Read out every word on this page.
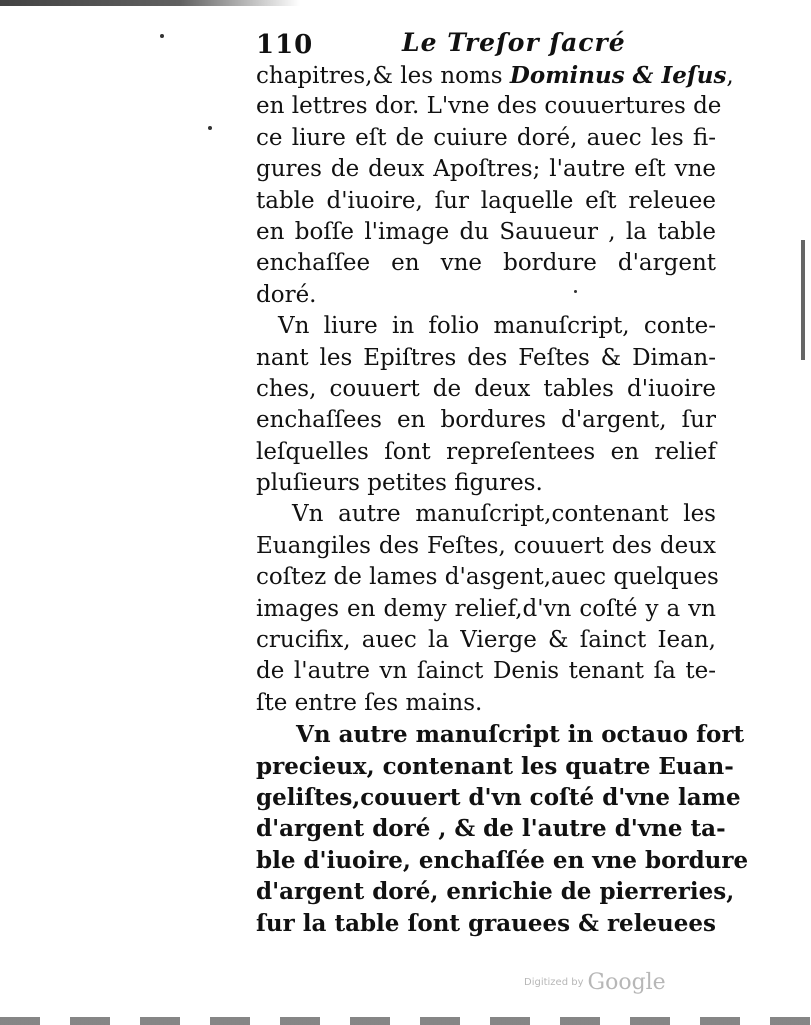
110	Le Treſor ſacré
chapitres,& les noms Dominus & Ieſus,
en lettres dor. L'vne des couuertures de
ce liure eſt de cuiure doré, auec les fi-
gures de deux Apoſtres; l'autre eſt vne
table d'iuoire, ſur laquelle eſt releuee
en boſſe l'image du Sauueur , la table
enchaſſee en vne bordure d'argent
doré.
Vn liure in folio manuſcript, conte-
nant les Epiſtres des Feſtes & Diman-
ches, couuert de deux tables d'iuoire
enchaſſees en bordures d'argent, ſur
leſquelles ſont repreſentees en relief
pluſieurs petites figures.
Vn autre manuſcript,contenant les
Euangiles des Feſtes, couuert des deux
coſtez de lames d'asgent,auec quelques
images en demy relief,d'vn coſté y a vn
crucifix, auec la Vierge & ſainct Iean,
de l'autre vn ſainct Denis tenant ſa te-
ſte entre ſes mains.
Vn autre manuſcript in octauo fort
precieux, contenant les quatre Euan-
geliſtes,couuert d'vn coſté d'vne lame
d'argent doré , & de l'autre d'vne ta-
ble d'iuoire, enchaſſée en vne bordure
d'argent doré, enrichie de pierreries,
ſur la table ſont grauees & releuees
Digitized by Google
